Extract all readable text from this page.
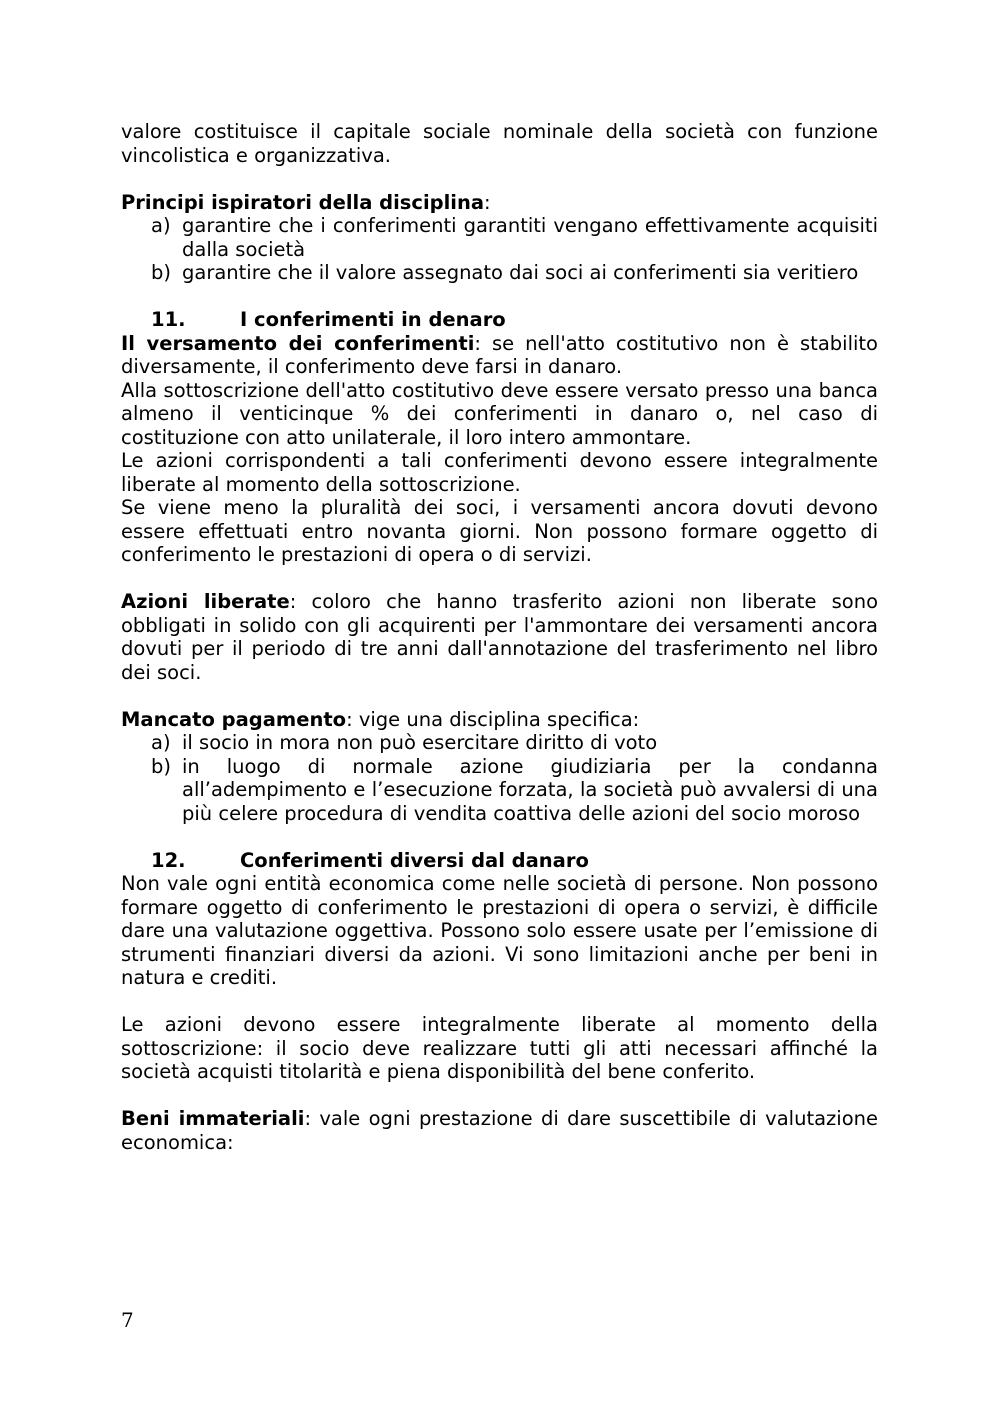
valore costituisce il capitale sociale nominale della società con funzione vincolistica e organizzativa.

Principi ispiratori della disciplina:

a) garantire che i conferimenti garantiti vengano effettivamente acquisiti dalla società
b) garantire che il valore assegnato dai soci ai conferimenti sia veritiero
11.	I conferimenti in denaro

Il versamento dei conferimenti: se nell'atto costitutivo non è stabilito diversamente, il conferimento deve farsi in danaro.

Alla sottoscrizione dell'atto costitutivo deve essere versato presso una banca almeno il venticinque % dei conferimenti in danaro o, nel caso di costituzione con atto unilaterale, il loro intero ammontare.

Le azioni corrispondenti a tali conferimenti devono essere integralmente liberate al momento della sottoscrizione.

Se viene meno la pluralità dei soci, i versamenti ancora dovuti devono essere effettuati entro novanta giorni. Non possono formare oggetto di conferimento le prestazioni di opera o di servizi.

Azioni liberate: coloro che hanno trasferito azioni non liberate sono obbligati in solido con gli acquirenti per l'ammontare dei versamenti ancora dovuti per il periodo di tre anni dall'annotazione del trasferimento nel libro dei soci.

Mancato pagamento: vige una disciplina specifica:

a) il socio in mora non può esercitare diritto di voto
b) in luogo di normale azione giudiziaria per la condanna all’adempimento e l’esecuzione forzata, la società può avvalersi di una più celere procedura di vendita coattiva delle azioni del socio moroso
12.	Conferimenti diversi dal danaro

Non vale ogni entità economica come nelle società di persone. Non possono formare oggetto di conferimento le prestazioni di opera o servizi, è difficile dare una valutazione oggettiva. Possono solo essere usate per l’emissione di strumenti finanziari diversi da azioni. Vi sono limitazioni anche per beni in natura e crediti.

Le azioni devono essere integralmente liberate al momento della sottoscrizione: il socio deve realizzare tutti gli atti necessari affinché la società acquisti titolarità e piena disponibilità del bene conferito.

Beni immateriali: vale ogni prestazione di dare suscettibile di valutazione economica:

7
